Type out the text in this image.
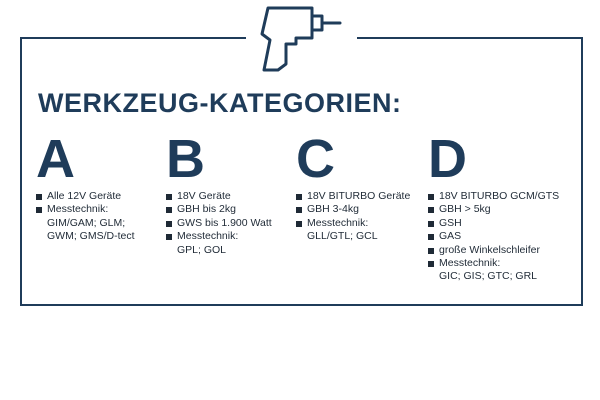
WERKZEUG-KATEGORIEN:
A
Alle 12V Geräte
Messtechnik:
GIM/GAM; GLM;
GWM; GMS/D-tect
B
18V Geräte
GBH bis 2kg
GWS bis 1.900 Watt
Messtechnik:
GPL; GOL
C
18V BITURBO Geräte
GBH 3-4kg
Messtechnik:
GLL/GTL; GCL
D
18V BITURBO GCM/GTS
GBH > 5kg
GSH
GAS
große Winkelschleifer
Messtechnik:
GIC; GIS; GTC; GRL
